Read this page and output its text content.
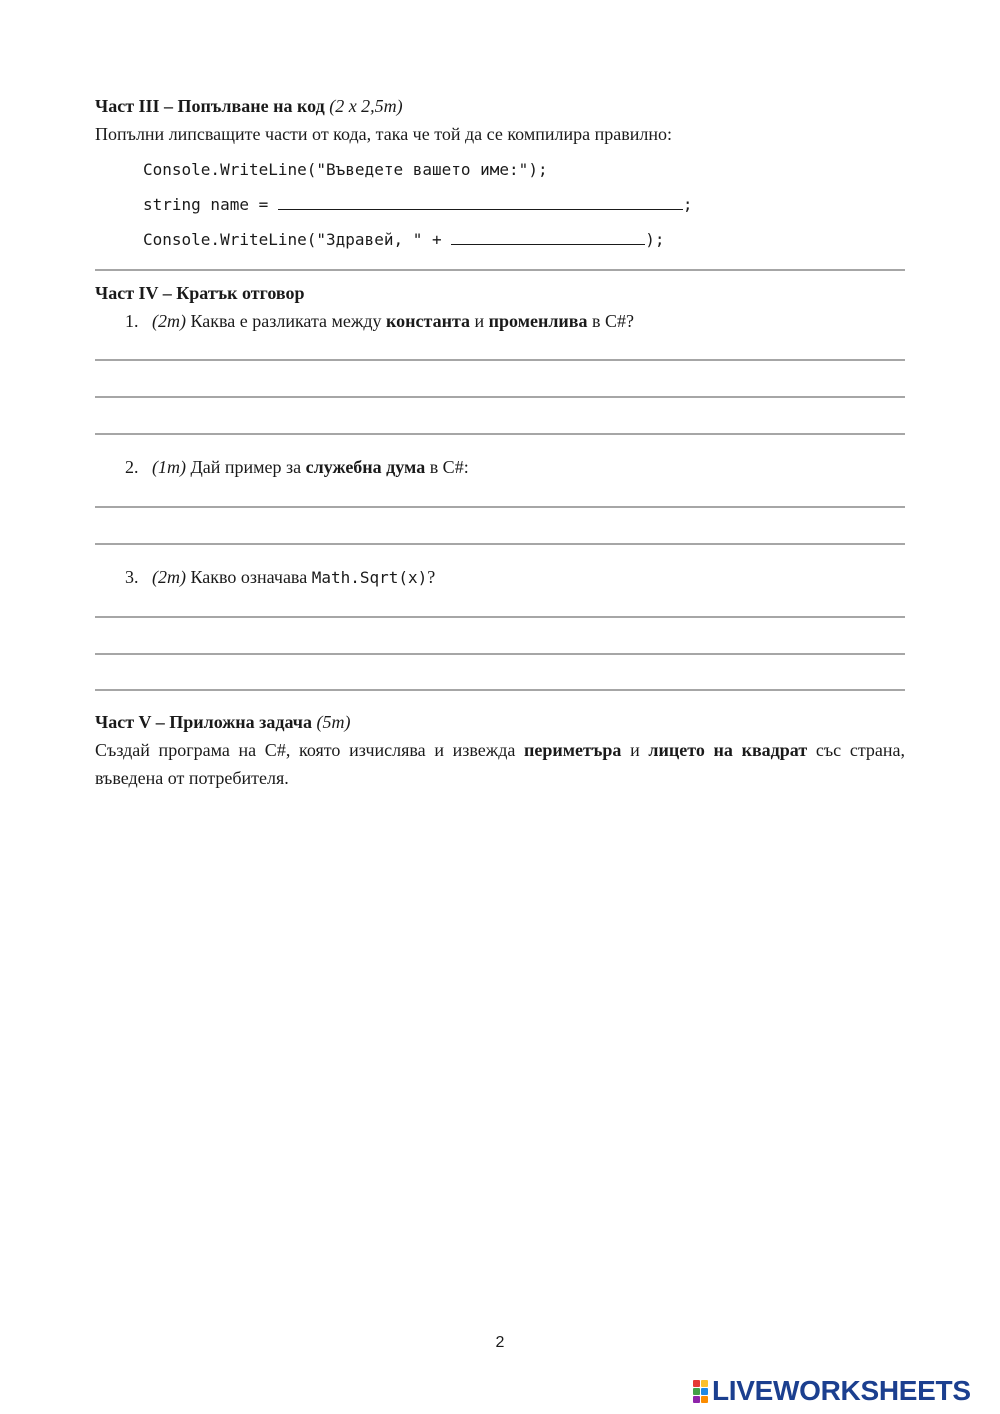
Част III – Попълване на код (2 x 2,5т)
Попълни липсващите части от кода, така че той да се компилира правилно:
Console.WriteLine("Въведете вашето име:");
string name =	;
Console.WriteLine("Здравей, " +	);
Част IV – Кратък отговор
1. (2т) Каква е разликата между константа и променлива в C#?
2. (1т) Дай пример за служебна дума в C#:
3. (2т) Какво означава Math.Sqrt(x)?
Част V – Приложна задача (5т)
Създай програма на C#, която изчислява и извежда периметъра и лицето на квадрат със страна, въведена от потребителя.
2
LIVEWORKSHEETS
